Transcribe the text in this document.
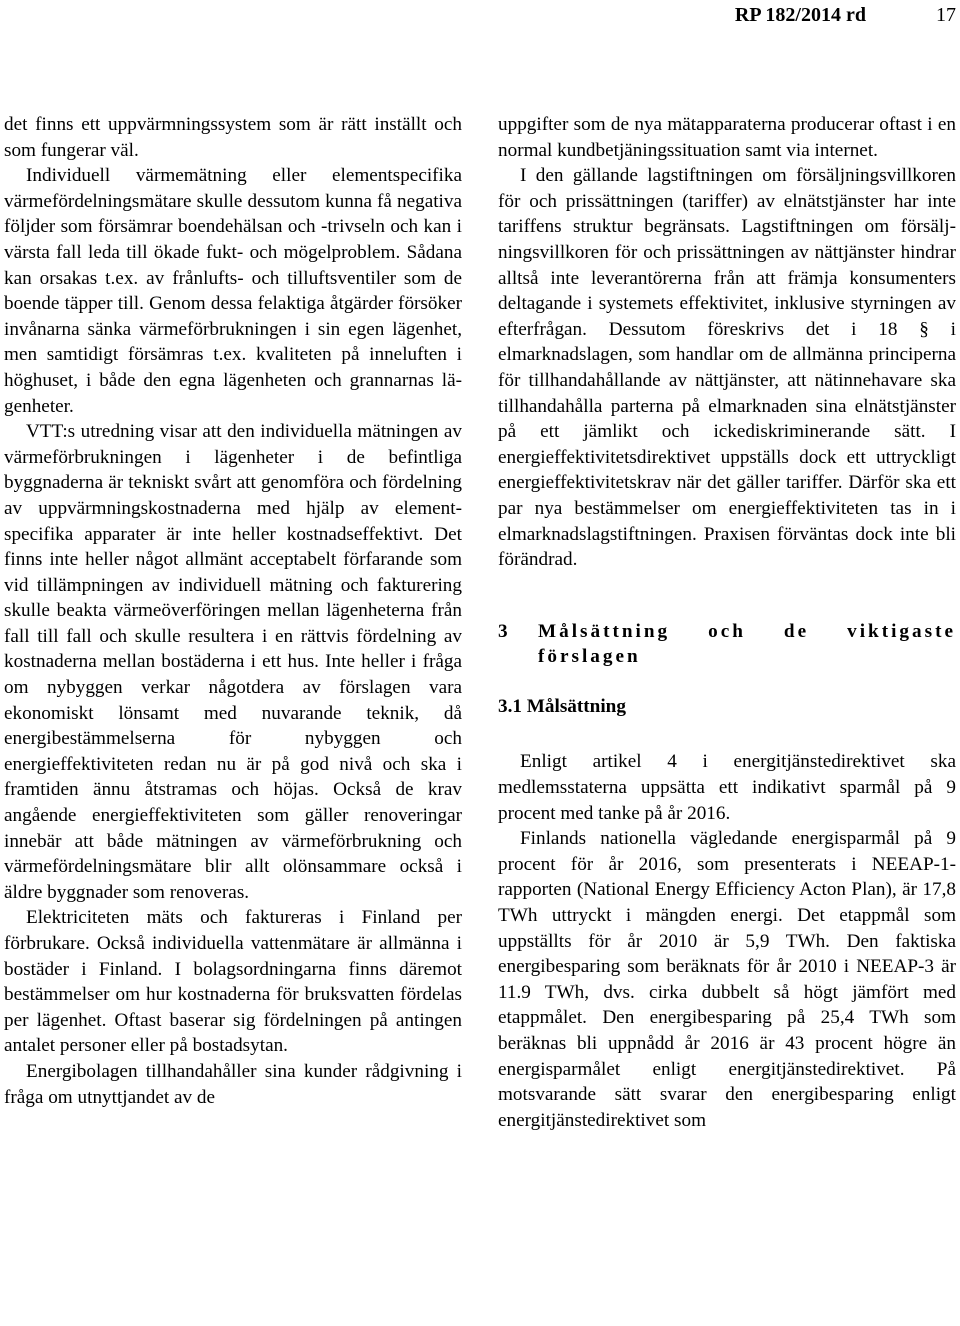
RP 182/2014 rd	17

det finns ett uppvärmningssystem som är rätt inställt och som fungerar väl.

Individuell värmemätning eller elementspecifika värmefördelningsmätare skulle dessutom kunna få negativa följder som försämrar boendehälsan och -trivseln och kan i värsta fall leda till ökade fukt- och mögelproblem. Sådana kan orsakas t.ex. av frånlufts- och tilluftsventiler som de boende täpper till. Genom dessa felaktiga åtgärder försöker invånarna sänka värmeförbrukningen i sin egen lägenhet, men samtidigt försämras t.ex. kvaliteten på inneluften i höghuset, i både den egna lägenheten och grannarnas lägenheter.

VTT:s utredning visar att den individuella mätningen av värmeförbrukningen i lägenheter i de befintliga byggnaderna är tekniskt svårt att genomföra och fördelning av uppvärmningskostnaderna med hjälp av elementspecifika apparater är inte heller kostnadseffektivt. Det finns inte heller något allmänt acceptabelt förfarande som vid tillämpningen av individuell mätning och fakturering skulle beakta värmeöverföringen mellan lägenheterna från fall till fall och skulle resultera i en rättvis fördelning av kostnaderna mellan bostäderna i ett hus. Inte heller i fråga om nybyggen verkar någotdera av förslagen vara ekonomiskt lönsamt med nuvarande teknik, då energibestämmelserna för nybyggen och energieffektiviteten redan nu är på god nivå och ska i framtiden ännu åtstramas och höjas. Också de krav angående energieffektiviteten som gäller renoveringar innebär att både mätningen av värmeförbrukning och värmefördelningsmätare blir allt olönsammare också i äldre byggnader som renoveras.

Elektriciteten mäts och faktureras i Finland per förbrukare. Också individuella vattenmätare är allmänna i bostäder i Finland. I bolagsordningarna finns däremot bestämmelser om hur kostnaderna för bruksvatten fördelas per lägenhet. Oftast baserar sig fördelningen på antingen antalet personer eller på bostadsytan.

Energibolagen tillhandahåller sina kunder rådgivning i fråga om utnyttjandet av de

uppgifter som de nya mätapparaterna producerar oftast i en normal kundbetjäningssituation samt via internet.

I den gällande lagstiftningen om försäljningsvillkoren för och prissättningen (tariffer) av elnätstjänster har inte tariffens struktur begränsats. Lagstiftningen om försäljningsvillkoren för och prissättningen av nättjänster hindrar alltså inte leverantörerna från att främja konsumenters deltagande i systemets effektivitet, inklusive styrningen av efterfrågan. Dessutom föreskrivs det i 18 § i elmarknadslagen, som handlar om de allmänna principerna för tillhandahållande av nättjänster, att nätinnehavare ska tillhandahålla parterna på elmarknaden sina elnätstjänster på ett jämlikt och ickediskriminerande sätt. I energieffektivitetsdirektivet uppställs dock ett uttryckligt energieffektivitetskrav när det gäller tariffer. Därför ska ett par nya bestämmelser om energieffektiviteten tas in i elmarknadslagstiftningen. Praxisen förväntas dock inte bli förändrad.

3	Målsättning och de viktigaste förslagen
3.1 Målsättning

Enligt artikel 4 i energitjänstedirektivet ska medlemsstaterna uppsätta ett indikativt sparmål på 9 procent med tanke på år 2016.

Finlands nationella vägledande energisparmål på 9 procent för år 2016, som presenterats i NEEAP-1-rapporten (National Energy Efficiency Acton Plan), är 17,8 TWh uttryckt i mängden energi. Det etappmål som uppställts för år 2010 är 5,9 TWh. Den faktiska energibesparing som beräknats för år 2010 i NEEAP-3 är 11.9 TWh, dvs. cirka dubbelt så högt jämfört med etappmålet. Den energibesparing på 25,4 TWh som beräknas bli uppnådd år 2016 är 43 procent högre än energisparmålet enligt energitjänstedirektivet. På motsvarande sätt svarar den energibesparing enligt energitjänstedirektivet som
